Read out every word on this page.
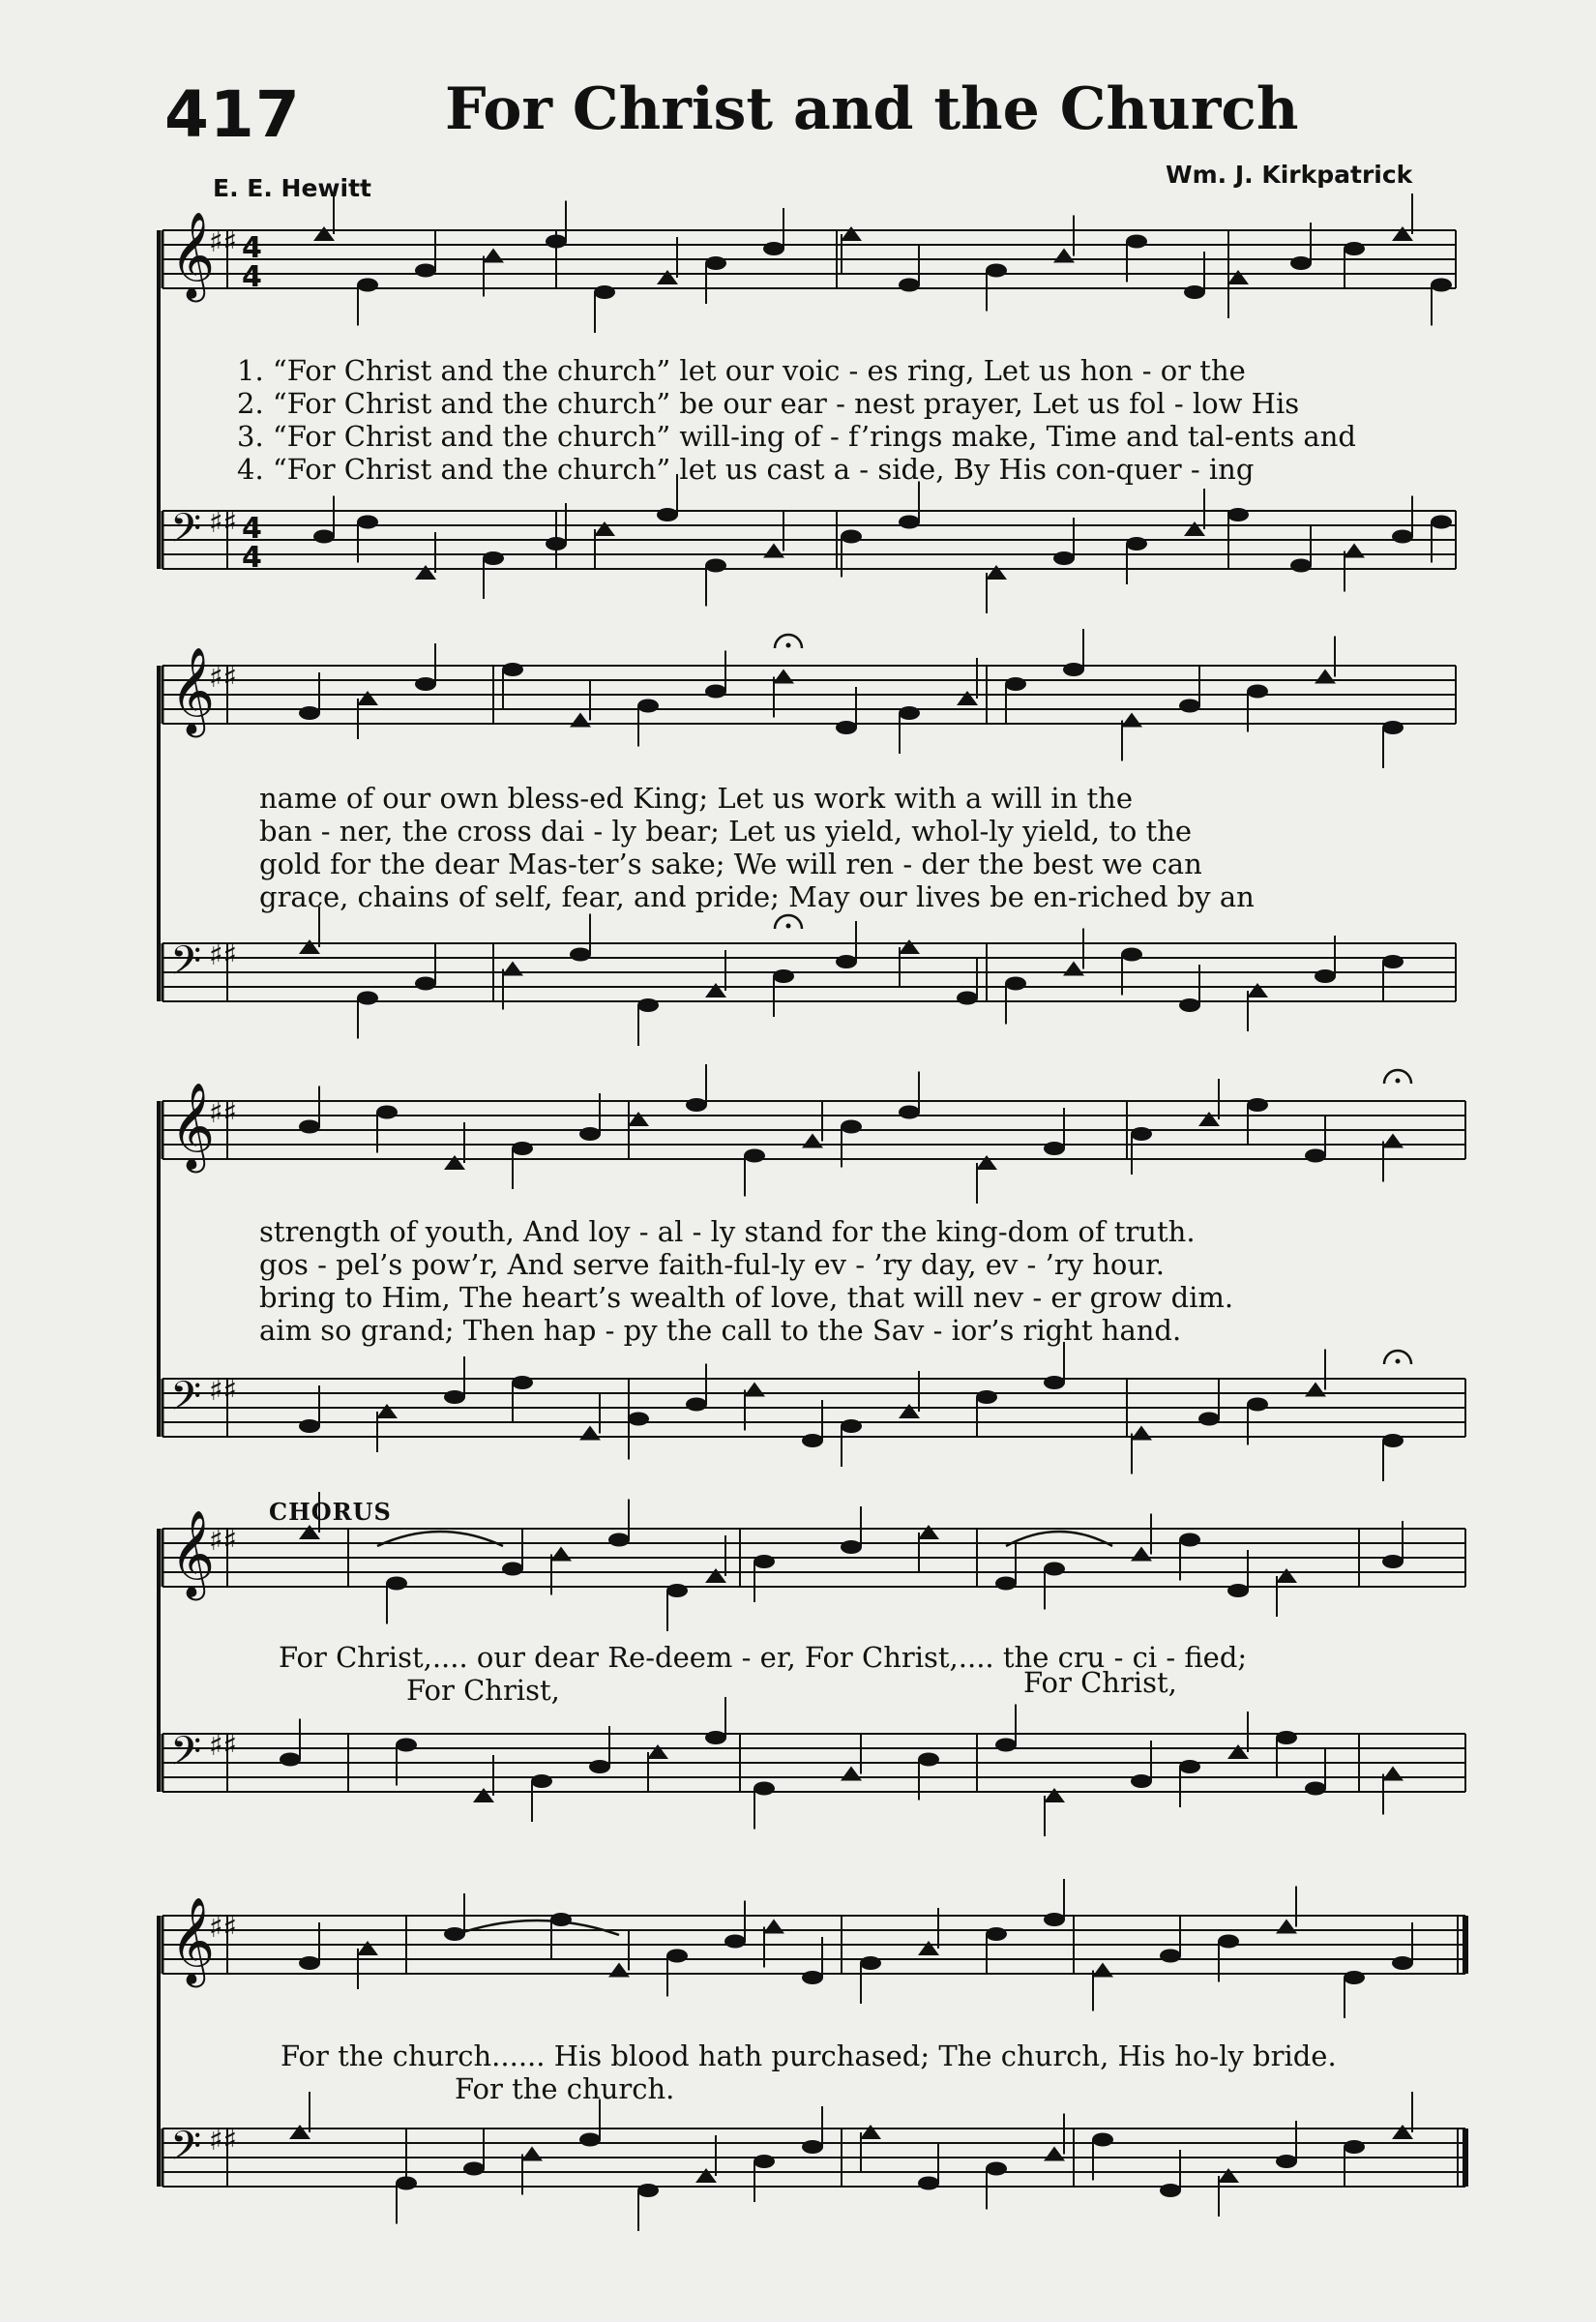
417 For Christ and the Church
E. E. Hewitt	Wm. J. Kirkpatrick
𝄞
♯♯ 4
4
𝄢 ♯♯ 4
4
𝄞
♯♯
𝄢 ♯♯
𝄞
♯♯
𝄢 ♯♯
𝄞
♯♯
𝄢 ♯♯
𝄞
♯♯
𝄢 ♯♯
1. “For Christ and the church” let our voic - es ring, Let us hon - or the
2. “For Christ and the church” be our ear - nest prayer, Let us fol - low His
3. “For Christ and the church” will-ing of - f’rings make, Time and tal-ents and
4. “For Christ and the church” let us cast a - side, By His con-quer - ing
name of our own bless-ed King; Let us work with a will in the
ban - ner, the cross dai - ly bear; Let us yield, whol-ly yield, to the
gold for the dear Mas-ter’s sake; We will ren - der the best we can
grace, chains of self, fear, and pride; May our lives be en-riched by an
strength of youth, And loy - al - ly stand for the king-dom of truth.
gos - pel’s pow’r, And serve faith-ful-ly ev - ’ry day, ev - ’ry hour.
bring to Him, The heart’s wealth of love, that will nev - er grow dim.
aim so grand; Then hap - py the call to the Sav - ior’s right hand.
CHORUS
For Christ,.... our dear Re-deem - er, For Christ,.... the cru - ci - fied;
For Christ,	For Christ,
For the church...... His blood hath purchased; The church, His ho-ly bride.
For the church.
